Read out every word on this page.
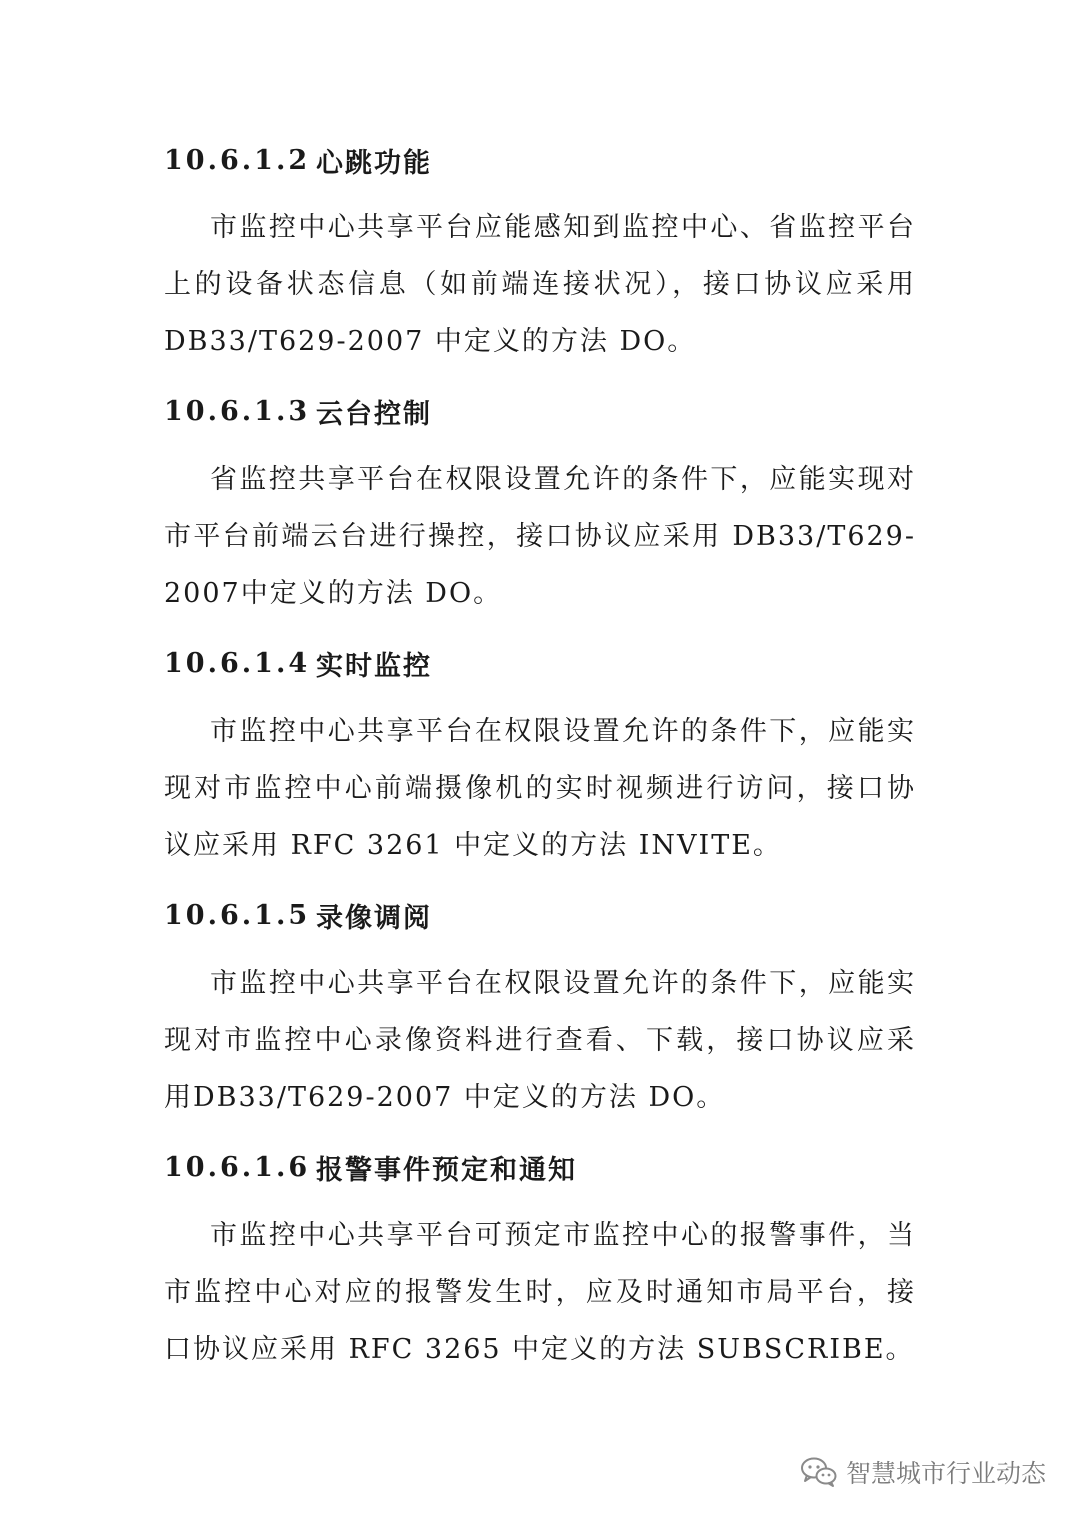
10.6.1.2 心跳功能

市监控中心共享平台应能感知到监控中心、省监控平台上的设备状态信息（如前端连接状况），接口协议应采用DB33/T629-2007 中定义的方法 DO。

10.6.1.3 云台控制

省监控共享平台在权限设置允许的条件下，应能实现对市平台前端云台进行操控，接口协议应采用 DB33/T629-2007中定义的方法 DO。

10.6.1.4 实时监控

市监控中心共享平台在权限设置允许的条件下，应能实现对市监控中心前端摄像机的实时视频进行访问，接口协议应采用 RFC 3261 中定义的方法 INVITE。

10.6.1.5 录像调阅

市监控中心共享平台在权限设置允许的条件下，应能实现对市监控中心录像资料进行查看、下载，接口协议应采用DB33/T629-2007 中定义的方法 DO。

10.6.1.6 报警事件预定和通知

市监控中心共享平台可预定市监控中心的报警事件，当市监控中心对应的报警发生时，应及时通知市局平台，接口协议应采用 RFC 3265 中定义的方法 SUBSCRIBE。

智慧城市行业动态
